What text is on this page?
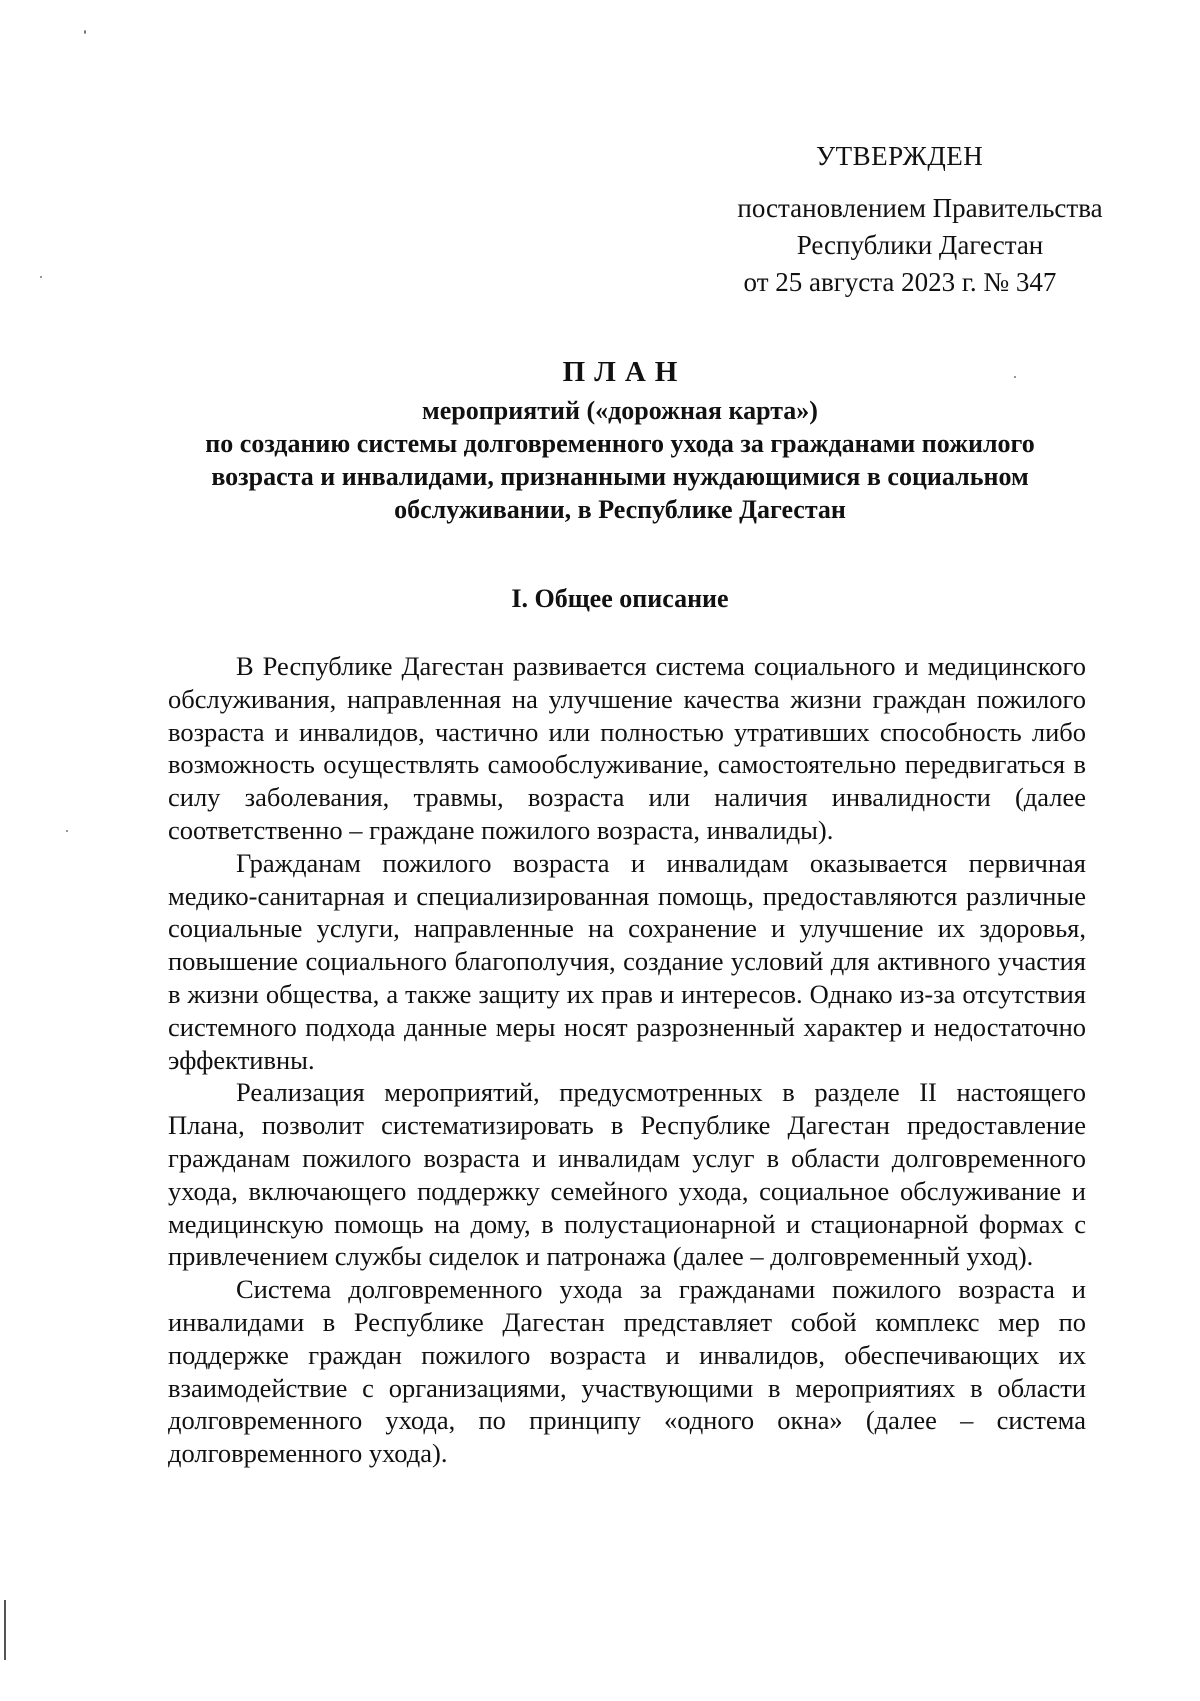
УТВЕРЖДЕН
постановлением Правительства
Республики Дагестан
от 25 августа 2023 г. № 347
ПЛАН
мероприятий («дорожная карта»)
по созданию системы долговременного ухода за гражданами пожилого
возраста и инвалидами, признанными нуждающимися в социальном
обслуживании, в Республике Дагестан
I. Общее описание

В Республике Дагестан развивается система социального и медицинского обслуживания, направленная на улучшение качества жизни граждан пожилого возраста и инвалидов, частично или полностью утративших способность либо возможность осуществлять самообслуживание, самостоятельно передвигаться в силу заболевания, травмы, возраста или наличия инвалидности (далее соответственно – граждане пожилого возраста, инвалиды).

Гражданам пожилого возраста и инвалидам оказывается первичная медико-санитарная и специализированная помощь, предоставляются различные социальные услуги, направленные на сохранение и улучшение их здоровья, повышение социального благополучия, создание условий для активного участия в жизни общества, а также защиту их прав и интересов. Однако из-за отсутствия системного подхода данные меры носят разрозненный характер и недостаточно эффективны.

Реализация мероприятий, предусмотренных в разделе II настоящего Плана, позволит систематизировать в Республике Дагестан предоставление гражданам пожилого возраста и инвалидам услуг в области долговременного ухода, включающего поддержку семейного ухода, социальное обслуживание и медицинскую помощь на дому, в полустационарной и стационарной формах с привлечением службы сиделок и патронажа (далее – долговременный уход).

Система долговременного ухода за гражданами пожилого возраста и инвалидами в Республике Дагестан представляет собой комплекс мер по поддержке граждан пожилого возраста и инвалидов, обеспечивающих их взаимодействие с организациями, участвующими в мероприятиях в области долговременного ухода, по принципу «одного окна» (далее – система долговременного ухода).
